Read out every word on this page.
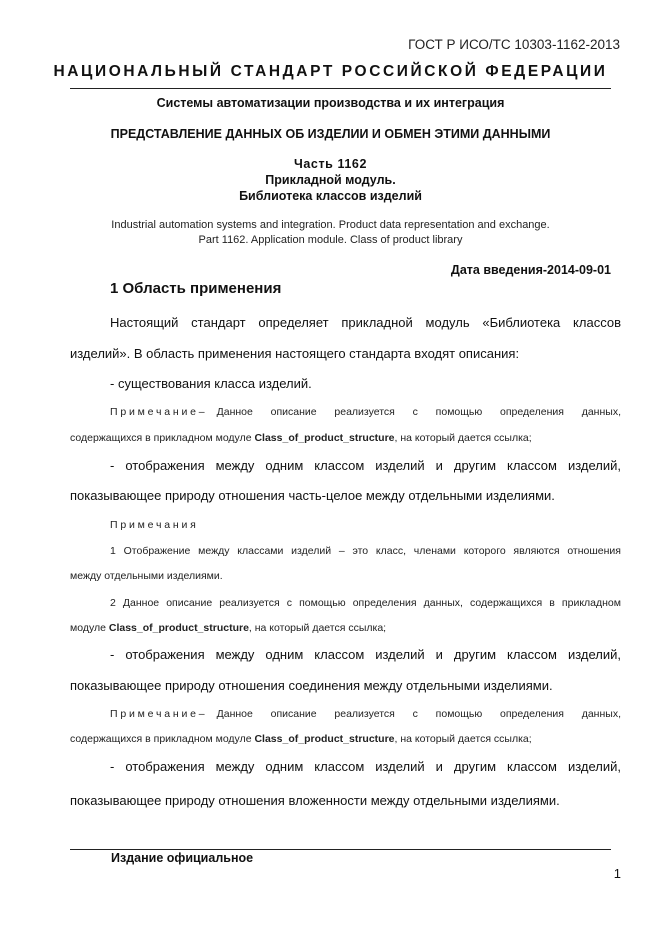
ГОСТ Р ИСО/ТС 10303-1162-2013
НАЦИОНАЛЬНЫЙ СТАНДАРТ РОССИЙСКОЙ ФЕДЕРАЦИИ
Системы автоматизации производства и их интеграция
ПРЕДСТАВЛЕНИЕ ДАННЫХ ОБ ИЗДЕЛИИ И ОБМЕН ЭТИМИ ДАННЫМИ
Часть 1162
Прикладной модуль.
Библиотека классов изделий
Industrial automation systems and integration. Product data representation and exchange.
Part 1162. Application module. Class of product library
Дата введения-2014-09-01
1 Область применения
Настоящий стандарт определяет прикладной модуль «Библиотека классов
изделий». В область применения настоящего стандарта входят описания:
- существования класса изделий.
Примечание – Данное описание реализуется с помощью определения данных,
содержащихся в прикладном модуле Class_of_product_structure, на который дается ссылка;
- отображения между одним классом изделий и другим классом изделий,
показывающее природу отношения часть-целое между отдельными изделиями.
Примечания
1 Отображение между классами изделий – это класс, членами которого являются отношения
между отдельными изделиями.
2 Данное описание реализуется с помощью определения данных, содержащихся в прикладном
модуле Class_of_product_structure, на который дается ссылка;
- отображения между одним классом изделий и другим классом изделий,
показывающее природу отношения соединения между отдельными изделиями.
Примечание – Данное описание реализуется с помощью определения данных,
содержащихся в прикладном модуле Class_of_product_structure, на который дается ссылка;
- отображения между одним классом изделий и другим классом изделий,
показывающее природу отношения вложенности между отдельными изделиями.
Издание официальное
1
